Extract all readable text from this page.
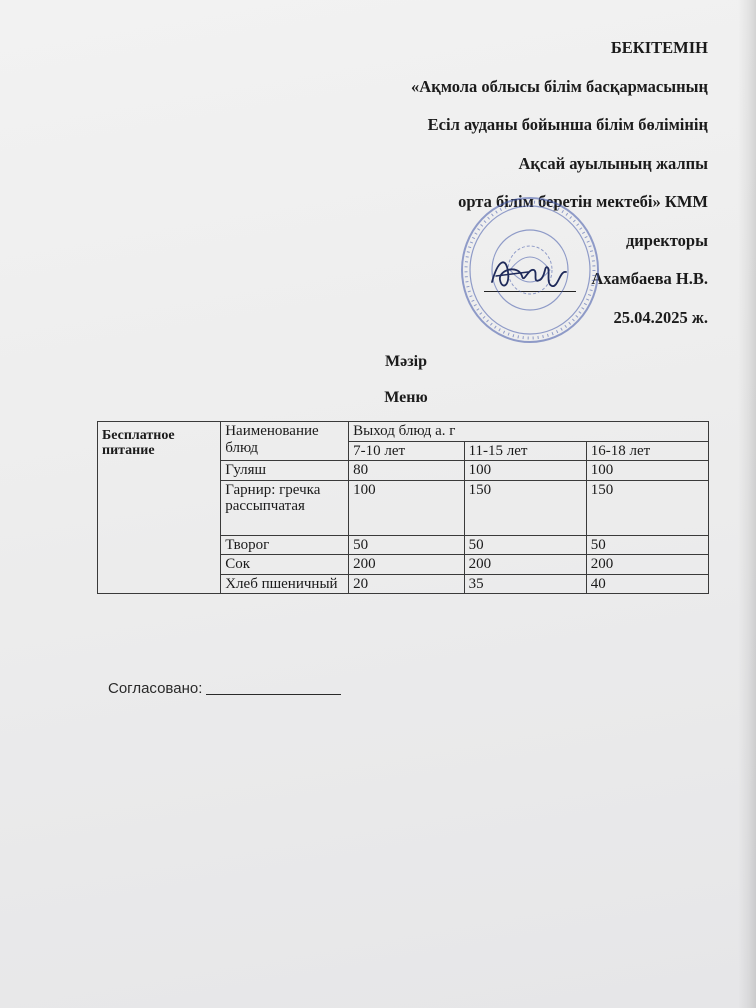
БЕКІТЕМІН
«Ақмола облысы білім басқармасының
Есіл ауданы бойынша білім бөлімінің
Ақсай ауылының жалпы
орта білім беретін мектебі» КММ
директоры
Ахамбаева Н.В.
25.04.2025 ж.
Мәзір
Меню
Бесплатное питание	Наименование блюд	Выход блюд а. г		
		7-10 лет	11-15 лет	16-18 лет
	Гуляш	80	100	100
	Гарнир: гречка рассыпчатая	100	150	150
	Творог	50	50	50
	Сок	200	200	200
	Хлеб пшеничный	20	35	40
Согласовано:
